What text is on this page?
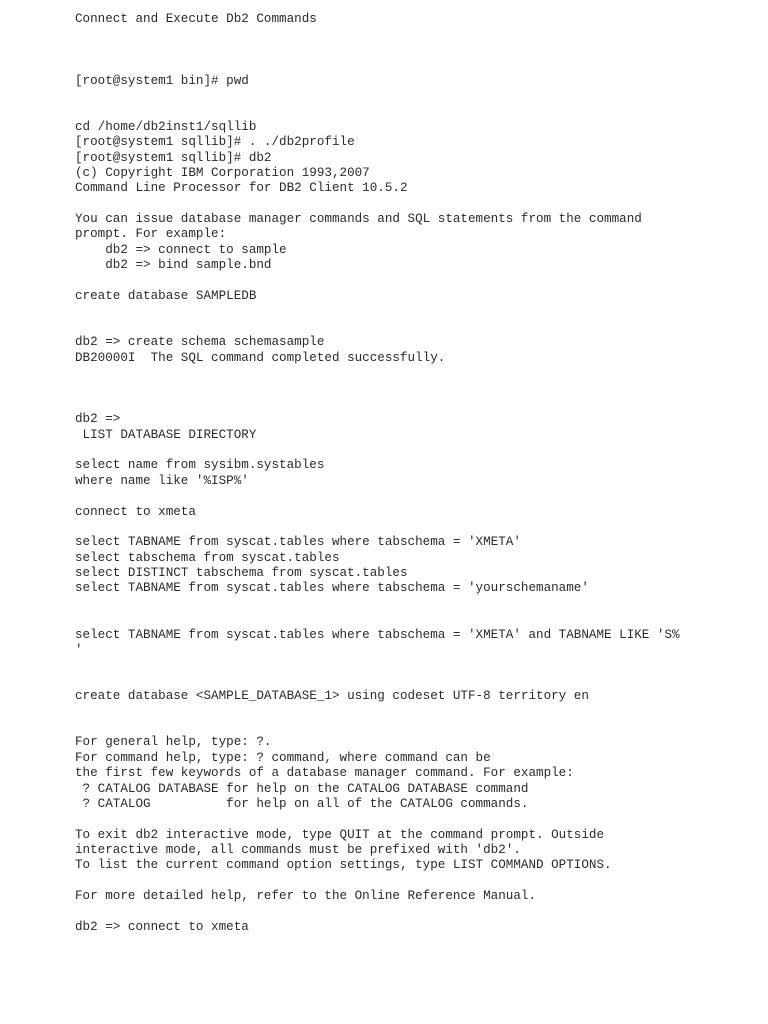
Connect and Execute Db2 Commands
[root@system1 bin]# pwd
cd /home/db2inst1/sqllib
[root@system1 sqllib]# . ./db2profile
[root@system1 sqllib]# db2
(c) Copyright IBM Corporation 1993,2007
Command Line Processor for DB2 Client 10.5.2
You can issue database manager commands and SQL statements from the command
prompt. For example:
db2 => connect to sample
db2 => bind sample.bnd
create database SAMPLEDB
db2 => create schema schemasample
DB20000I  The SQL command completed successfully.
db2 =>
LIST DATABASE DIRECTORY
select name from sysibm.systables
where name like '%ISP%'
connect to xmeta
select TABNAME from syscat.tables where tabschema = 'XMETA'
select tabschema from syscat.tables
select DISTINCT tabschema from syscat.tables
select TABNAME from syscat.tables where tabschema = 'yourschemaname'
select TABNAME from syscat.tables where tabschema = 'XMETA' and TABNAME LIKE 'S%
'
create database <SAMPLE_DATABASE_1> using codeset UTF-8 territory en
For general help, type: ?.
For command help, type: ? command, where command can be
the first few keywords of a database manager command. For example:
? CATALOG DATABASE for help on the CATALOG DATABASE command
? CATALOG          for help on all of the CATALOG commands.
To exit db2 interactive mode, type QUIT at the command prompt. Outside
interactive mode, all commands must be prefixed with 'db2'.
To list the current command option settings, type LIST COMMAND OPTIONS.
For more detailed help, refer to the Online Reference Manual.
db2 => connect to xmeta
